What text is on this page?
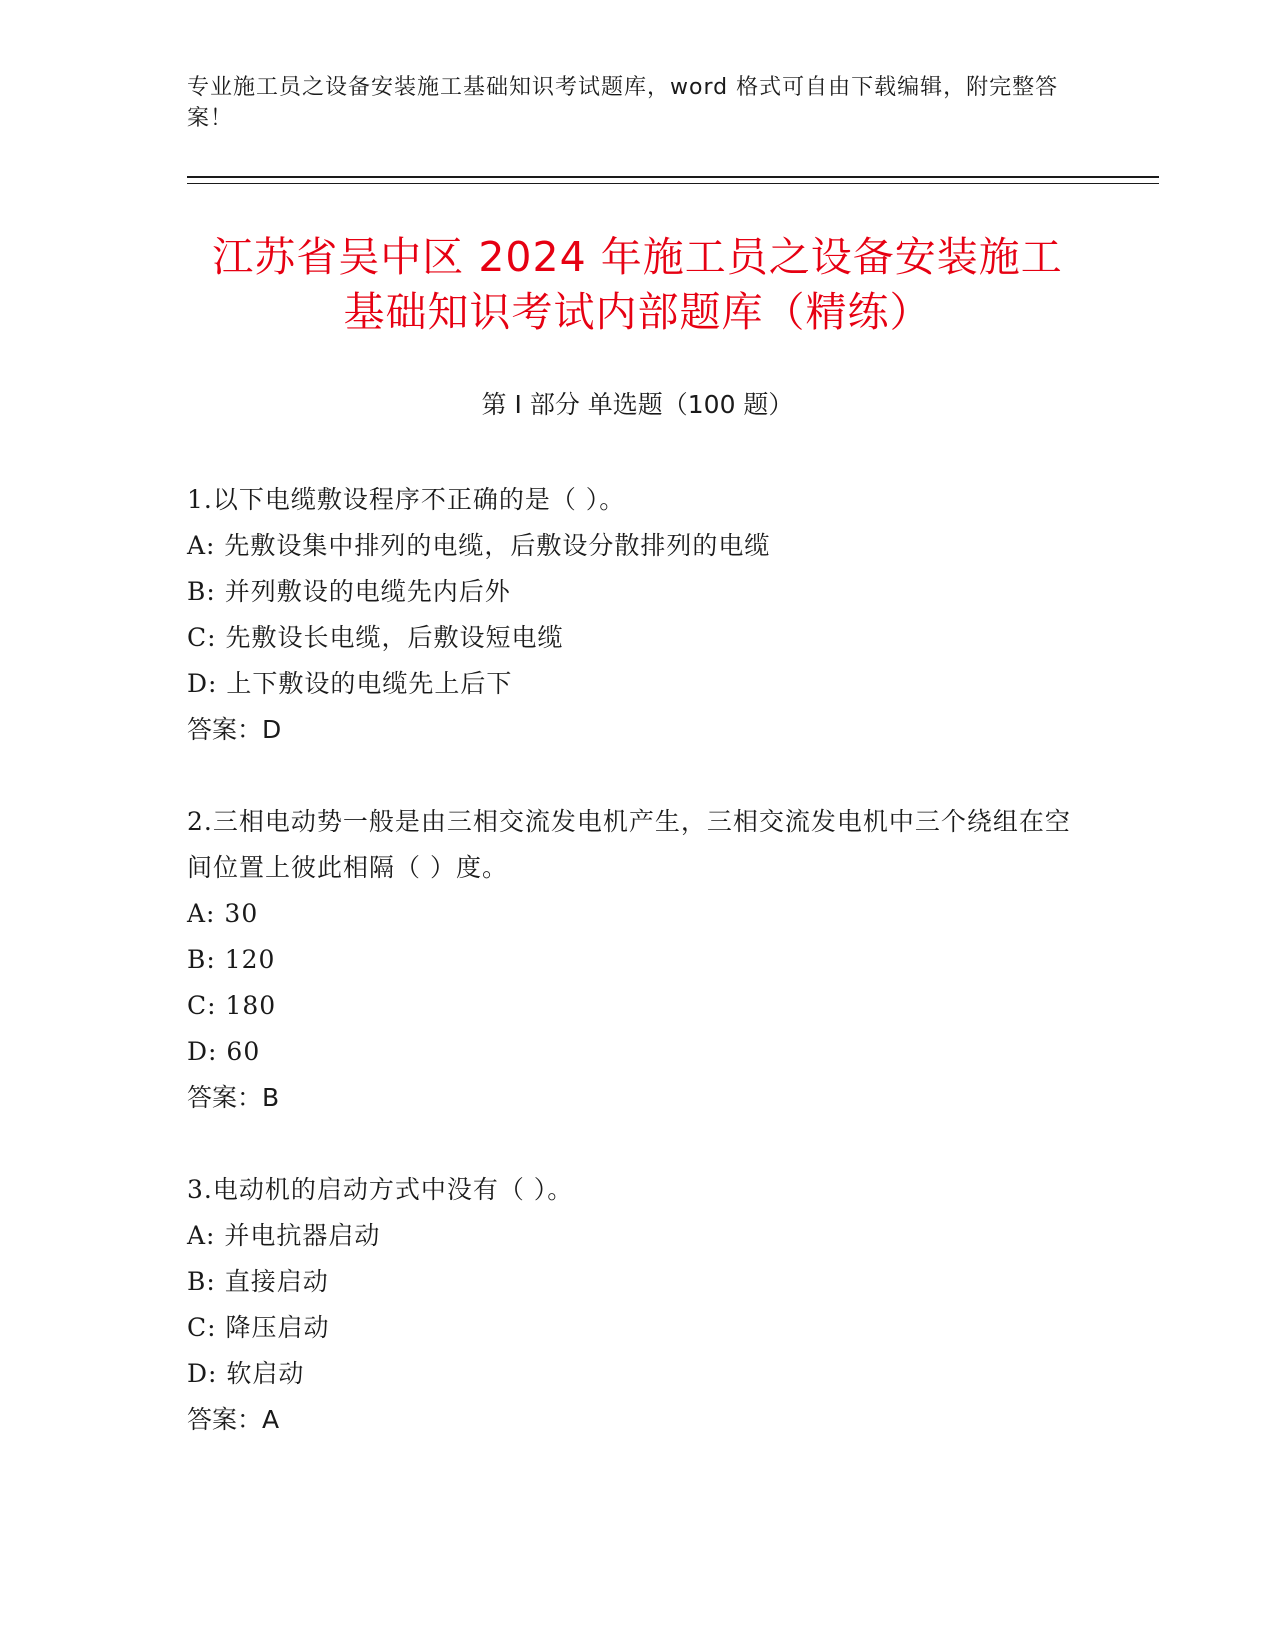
专业施工员之设备安装施工基础知识考试题库，word 格式可自由下载编辑，附完整答案！
江苏省吴中区 2024 年施工员之设备安装施工
基础知识考试内部题库（精练）
第 I 部分 单选题（100 题）

1.以下电缆敷设程序不正确的是（ ）。

A: 先敷设集中排列的电缆，后敷设分散排列的电缆

B: 并列敷设的电缆先内后外

C: 先敷设长电缆，后敷设短电缆

D: 上下敷设的电缆先上后下

答案：D

2.三相电动势一般是由三相交流发电机产生，三相交流发电机中三个绕组在空间位置上彼此相隔（ ）度。

A: 30

B: 120

C: 180

D: 60

答案：B

3.电动机的启动方式中没有（ ）。

A: 并电抗器启动

B: 直接启动

C: 降压启动

D: 软启动

答案：A
